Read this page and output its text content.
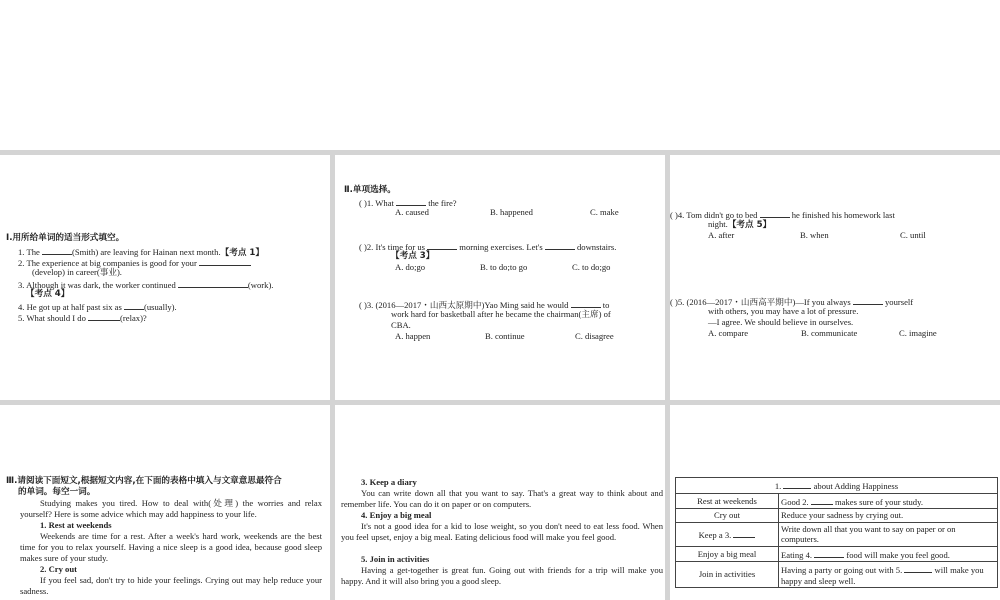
Ⅰ.用所给单词的适当形式填空。
1. The	(Smith) are leaving for Hainan next month.【考点 1】
2. The experience at big companies is good for your
(develop) in career(事业).
3. Although it was dark, the worker continued	(work).
【考点 4】
4. He got up at half past six as (usually).
5. What should I do	(relax)?
Ⅱ.单项选择。
( )1. What	the fire?
A. caused	B. happened	C. make
( )2. It's time for us	morning exercises. Let's	downstairs.
【考点 3】
A. do;go	B. to do;to go	C. to do;go
( )3. (2016—2017・山西太原期中)Yao Ming said he would	to
work hard for basketball after he became the chairman(主席) of
CBA.
A. happen	B. continue	C. disagree
( )4. Tom didn't go to bed	he finished his homework last
night.【考点 5】
A. after	B. when	C. until
( )5. (2016—2017・山西高平期中)—If you always	yourself
with others, you may have a lot of pressure.
—I agree. We should believe in ourselves.
A. compare	B. communicate	C. imagine
Ⅲ.请阅读下面短文,根据短文内容,在下面的表格中填入与文章意思最符合
的单词。每空一词。
Studying makes you tired. How to deal with(处理) the worries and relax yourself? Here is some advice which may add happiness to your life.
1. Rest at weekends
Weekends are time for a rest. After a week's hard work, weekends are the best time for you to relax yourself. Having a nice sleep is a good idea, because good sleep makes sure of your study.
2. Cry out
If you feel sad, don't try to hide your feelings. Crying out may help reduce your sadness.
3. Keep a diary
You can write down all that you want to say. That's a great way to think about and remember life. You can do it on paper or on computers.
4. Enjoy a big meal
It's not a good idea for a kid to lose weight, so you don't need to eat less food. When you feel upset, enjoy a big meal. Eating delicious food will make you feel good.
5. Join in activities
Having a get-together is great fun. Going out with friends for a trip will make you happy. And it will also bring you a good sleep.
1. about Adding Happiness	
Rest at weekends	Good 2. makes sure of your study.
Cry out	Reduce your sadness by crying out.
Keep a 3.	Write down all that you want to say on paper or on computers.
Enjoy a big meal	Eating 4. food will make you feel good.
Join in activities	Having a party or going out with 5. will make you happy and sleep well.
